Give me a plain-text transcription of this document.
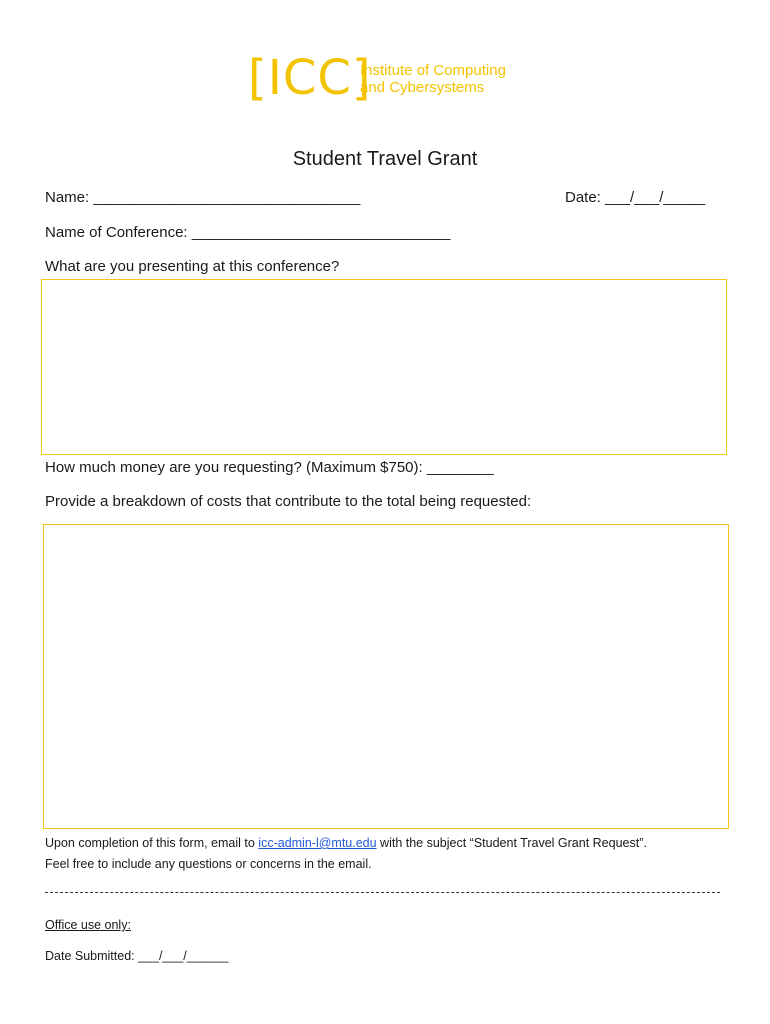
[ICC]
Institute of Computing
and Cybersystems
Student Travel Grant
Name: ________________________________	Date: ___/___/_____
Name of Conference: _______________________________
What are you presenting at this conference?
How much money are you requesting? (Maximum $750): ________
Provide a breakdown of costs that contribute to the total being requested:
Upon completion of this form, email to icc-admin-l@mtu.edu with the subject “Student Travel Grant Request”.
Feel free to include any questions or concerns in the email.
Office use only:
Date Submitted: ___/___/______
